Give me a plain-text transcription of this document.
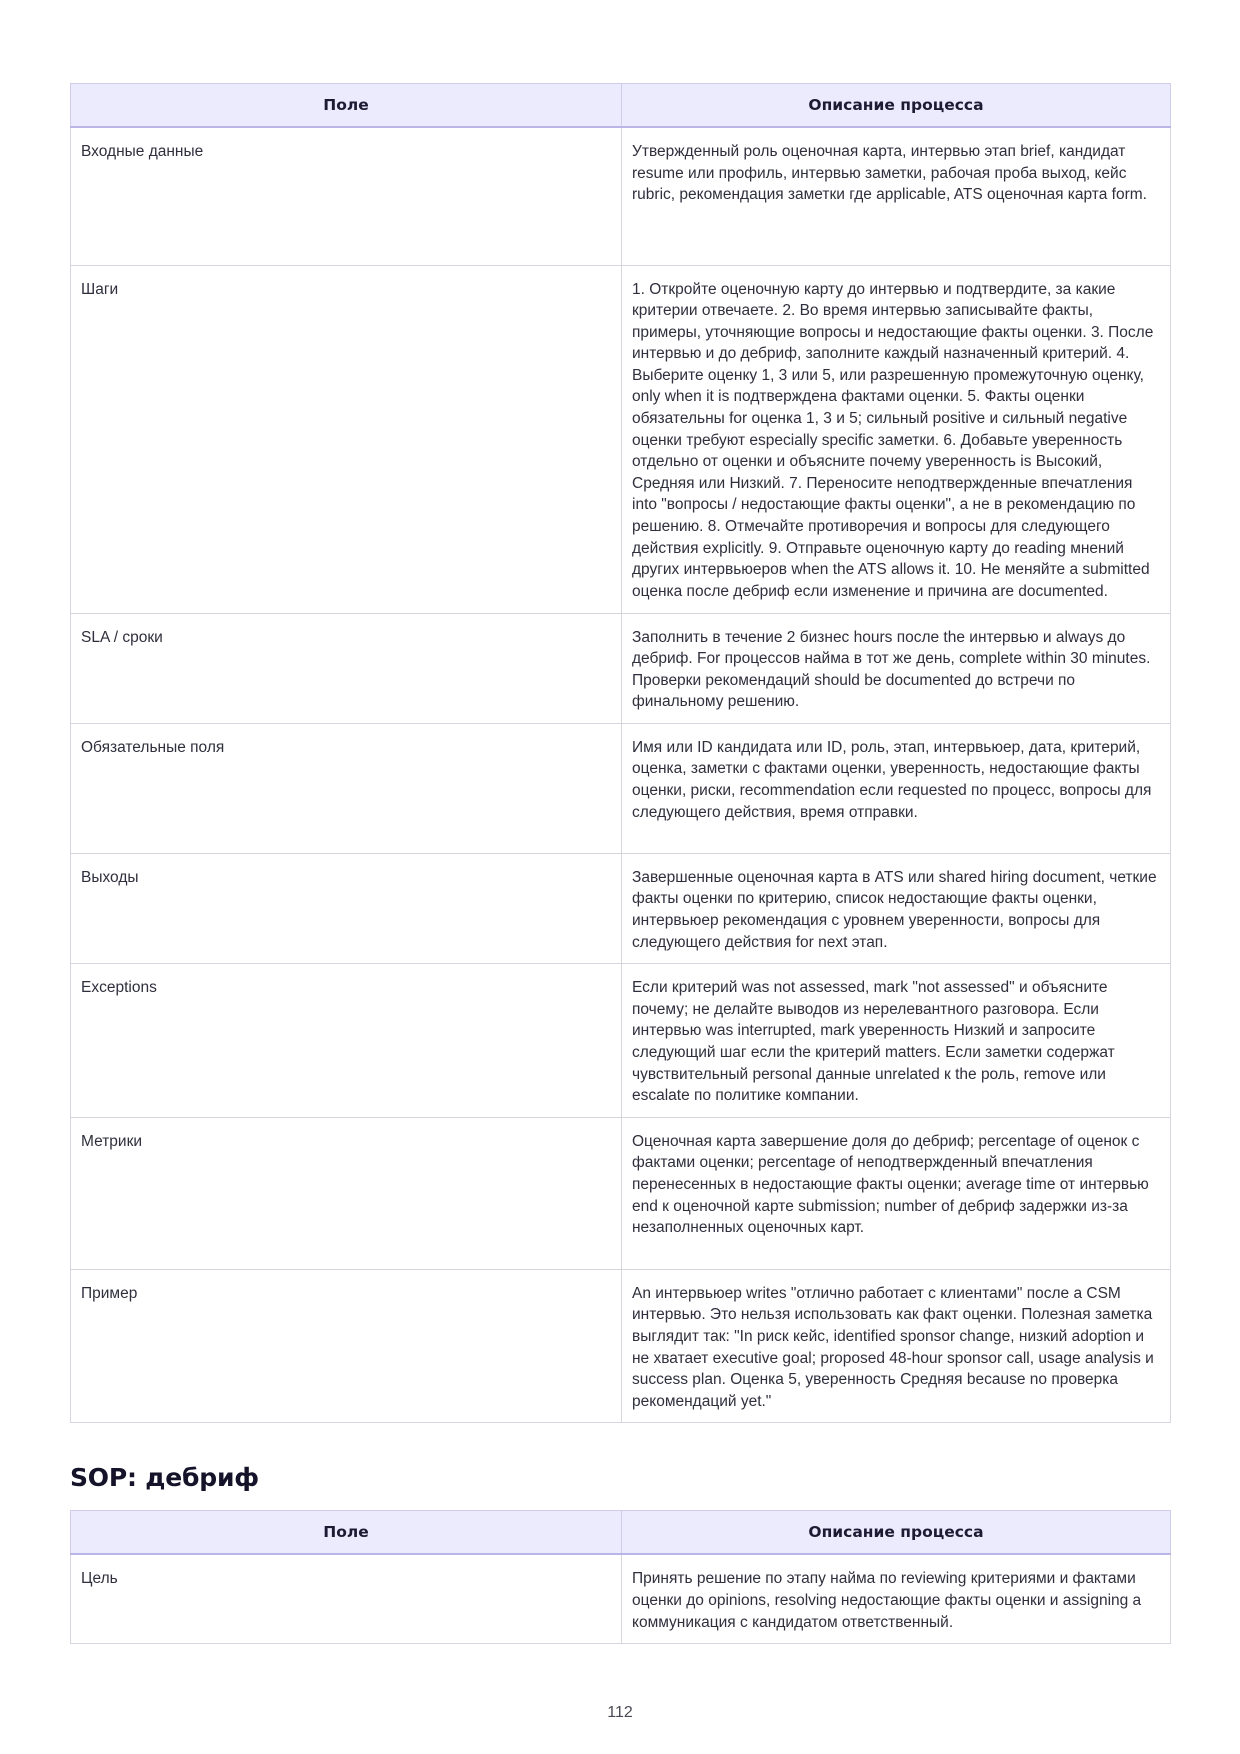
Поле	Описание процесса
Входные данные	Утвержденный роль оценочная карта, интервью этап brief, кандидат resume или профиль, интервью заметки, рабочая проба выход, кейс rubric, рекомендация заметки где applicable, ATS оценочная карта form.
Шаги	1. Откройте оценочную карту до интервью и подтвердите, за какие критерии отвечаете. 2. Во время интервью записывайте факты, примеры, уточняющие вопросы и недостающие факты оценки. 3. После интервью и до дебриф, заполните каждый назначенный критерий. 4. Выберите оценку 1, 3 или 5, или разрешенную промежуточную оценку, only when it is подтверждена фактами оценки. 5. Факты оценки обязательны for оценка 1, 3 и 5; сильный positive и сильный negative оценки требуют especially specific заметки. 6. Добавьте уверенность отдельно от оценки и объясните почему уверенность is Высокий, Средняя или Низкий. 7. Переносите неподтвержденные впечатления into "вопросы / недостающие факты оценки", а не в рекомендацию по решению. 8. Отмечайте противоречия и вопросы для следующего действия explicitly. 9. Отправьте оценочную карту до reading мнений других интервьюеров when the ATS allows it. 10. Не меняйте a submitted оценка после дебриф если изменение и причина are documented.
SLA / сроки	Заполнить в течение 2 бизнес hours после the интервью и always до дебриф. For процессов найма в тот же день, complete within 30 minutes. Проверки рекомендаций should be documented до встречи по финальному решению.
Обязательные поля	Имя или ID кандидата или ID, роль, этап, интервьюер, дата, критерий, оценка, заметки с фактами оценки, уверенность, недостающие факты оценки, риски, recommendation если requested по процесс, вопросы для следующего действия, время отправки.
Выходы	Завершенные оценочная карта в ATS или shared hiring document, четкие факты оценки по критерию, список недостающие факты оценки, интервьюер рекомендация с уровнем уверенности, вопросы для следующего действия for next этап.
Exceptions	Если критерий was not assessed, mark "not assessed" и объясните почему; не делайте выводов из нерелевантного разговора. Если интервью was interrupted, mark уверенность Низкий и запросите следующий шаг если the критерий matters. Если заметки содержат чувствительный personal данные unrelated к the роль, remove или escalate по политике компании.
Метрики	Оценочная карта завершение доля до дебриф; percentage of оценок с фактами оценки; percentage of неподтвержденный впечатления перенесенных в недостающие факты оценки; average time от интервью end к оценочной карте submission; number of дебриф задержки из-за незаполненных оценочных карт.
Пример	An интервьюер writes "отлично работает с клиентами" после a CSM интервью. Это нельзя использовать как факт оценки. Полезная заметка выглядит так: "In риск кейс, identified sponsor change, низкий adoption и не хватает executive goal; proposed 48-hour sponsor call, usage analysis и success plan. Оценка 5, уверенность Средняя because no проверка рекомендаций yet."
SOP: дебриф
Поле	Описание процесса
Цель	Принять решение по этапу найма по reviewing критериями и фактами оценки до opinions, resolving недостающие факты оценки и assigning a коммуникация с кандидатом ответственный.
112
